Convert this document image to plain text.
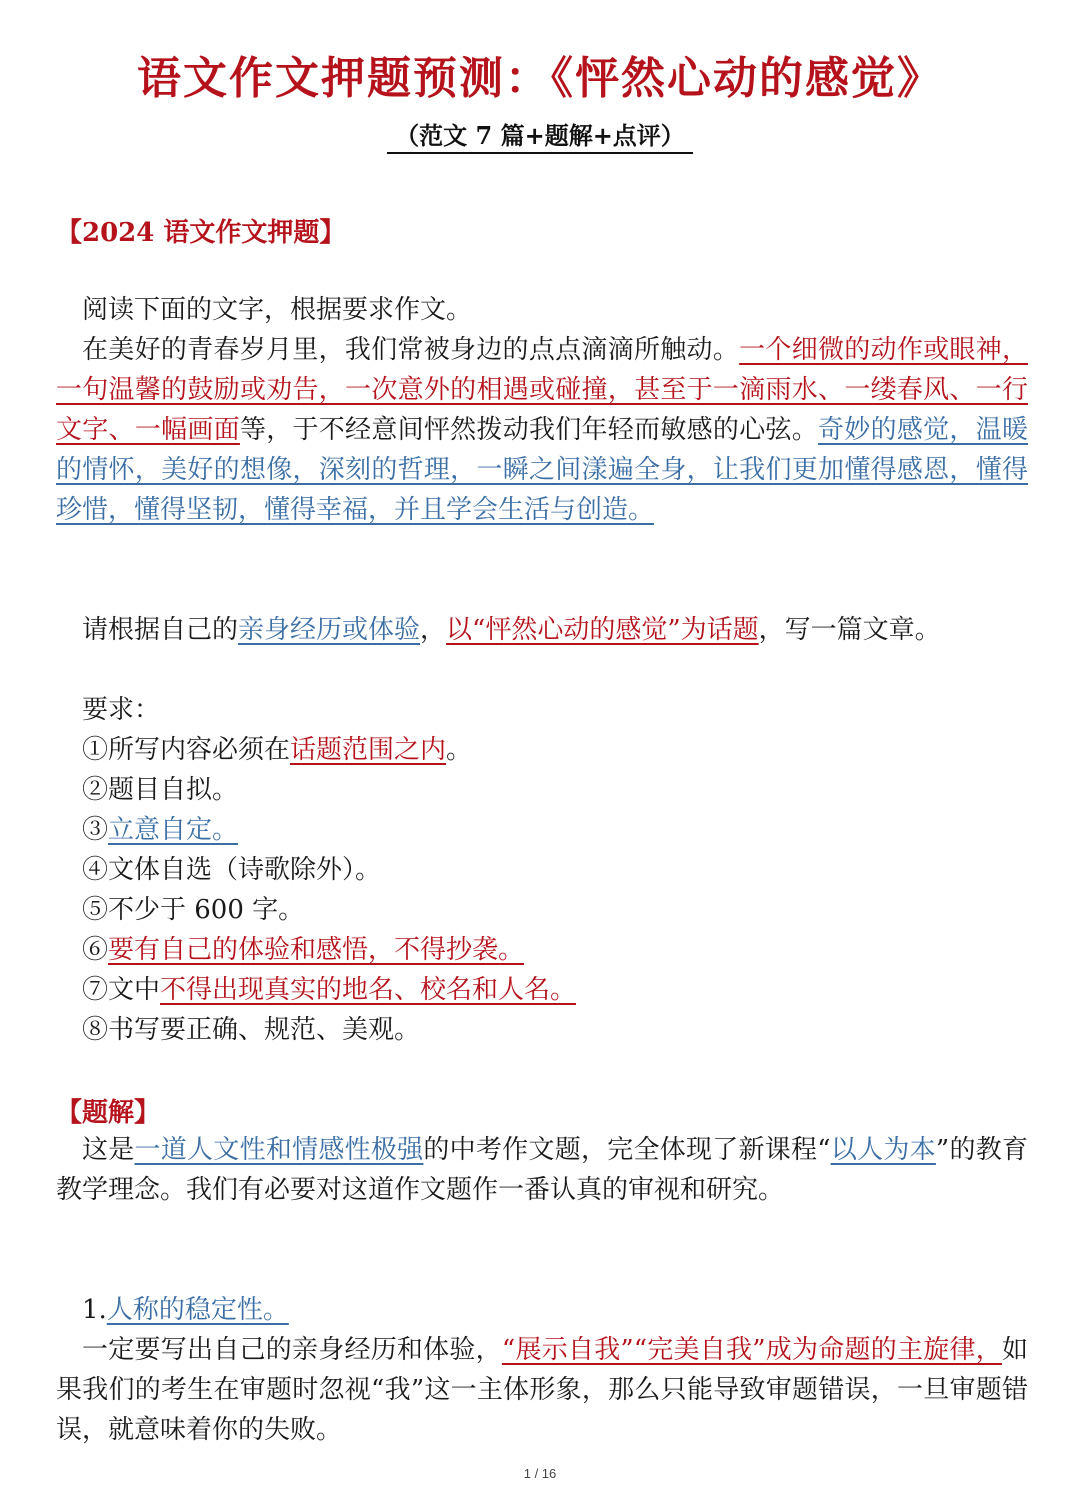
语文作文押题预测：《怦然心动的感觉》
（范文 7 篇+题解+点评）
【2024 语文作文押题】

阅读下面的文字，根据要求作文。

在美好的青春岁月里，我们常被身边的点点滴滴所触动。一个细微的动作或眼神，一句温馨的鼓励或劝告，一次意外的相遇或碰撞，甚至于一滴雨水、一缕春风、一行文字、一幅画面等，于不经意间怦然拨动我们年轻而敏感的心弦。奇妙的感觉，温暖的情怀，美好的想像，深刻的哲理，一瞬之间漾遍全身，让我们更加懂得感恩，懂得珍惜，懂得坚韧，懂得幸福，并且学会生活与创造。

请根据自己的亲身经历或体验，以“怦然心动的感觉”为话题，写一篇文章。

要求：

①所写内容必须在话题范围之内。

②题目自拟。

③立意自定。

④文体自选（诗歌除外）。

⑤不少于 600 字。

⑥要有自己的体验和感悟，不得抄袭。

⑦文中不得出现真实的地名、校名和人名。

⑧书写要正确、规范、美观。

【题解】

这是一道人文性和情感性极强的中考作文题，完全体现了新课程“以人为本”的教育教学理念。我们有必要对这道作文题作一番认真的审视和研究。

1.人称的稳定性。

一定要写出自己的亲身经历和体验，“展示自我”“完美自我”成为命题的主旋律，如果我们的考生在审题时忽视“我”这一主体形象，那么只能导致审题错误，一旦审题错误，就意味着你的失败。

1 / 16
